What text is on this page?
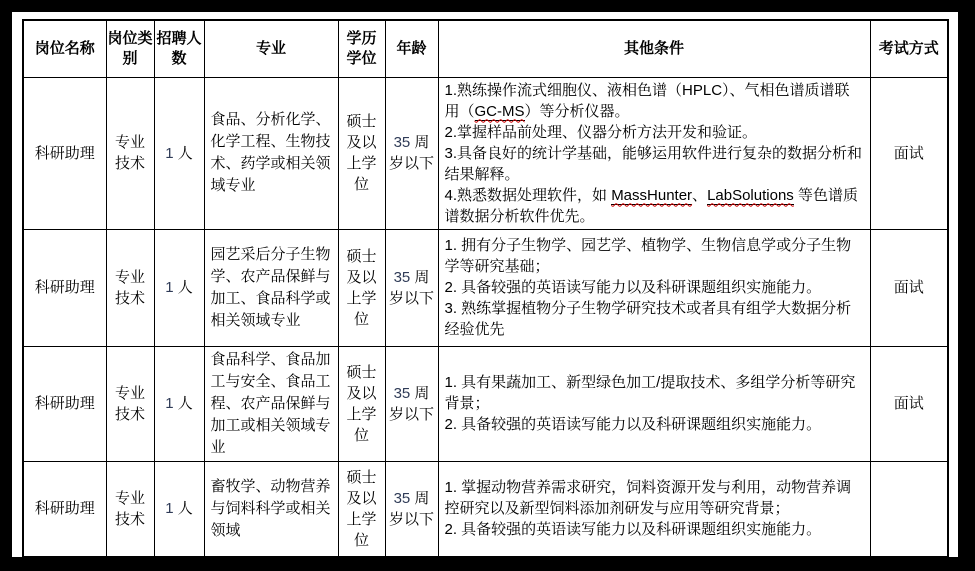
岗位名称	岗位类别	招聘人数	专业	学历学位	年龄	其他条件	考试方式
科研助理	专业技术	1 人	食品、分析化学、化学工程、生物技术、药学或相关领域专业	硕士及以上学位	35 周岁以下	1.熟练操作流式细胞仪、液相色谱（HPLC）、气相色谱质谱联用（GC-MS）等分析仪器。
2.掌握样品前处理、仪器分析方法开发和验证。
3.具备良好的统计学基础，能够运用软件进行复杂的数据分析和结果解释。
4.熟悉数据处理软件，如 MassHunter、LabSolutions 等色谱质谱数据分析软件优先。	面试
科研助理	专业技术	1 人	园艺采后分子生物学、农产品保鲜与加工、食品科学或相关领域专业	硕士及以上学位	35 周岁以下	1. 拥有分子生物学、园艺学、植物学、生物信息学或分子生物学等研究基础；
2. 具备较强的英语读写能力以及科研课题组织实施能力。
3. 熟练掌握植物分子生物学研究技术或者具有组学大数据分析经验优先	面试
科研助理	专业技术	1 人	食品科学、食品加工与安全、食品工程、农产品保鲜与加工或相关领域专业	硕士及以上学位	35 周岁以下	1. 具有果蔬加工、新型绿色加工/提取技术、多组学分析等研究背景；
2. 具备较强的英语读写能力以及科研课题组织实施能力。	面试
科研助理	专业技术	1 人	畜牧学、动物营养与饲料科学或相关领域	硕士及以上学位	35 周岁以下	1. 掌握动物营养需求研究，饲料资源开发与利用，动物营养调控研究以及新型饲料添加剂研发与应用等研究背景；
2. 具备较强的英语读写能力以及科研课题组织实施能力。	
